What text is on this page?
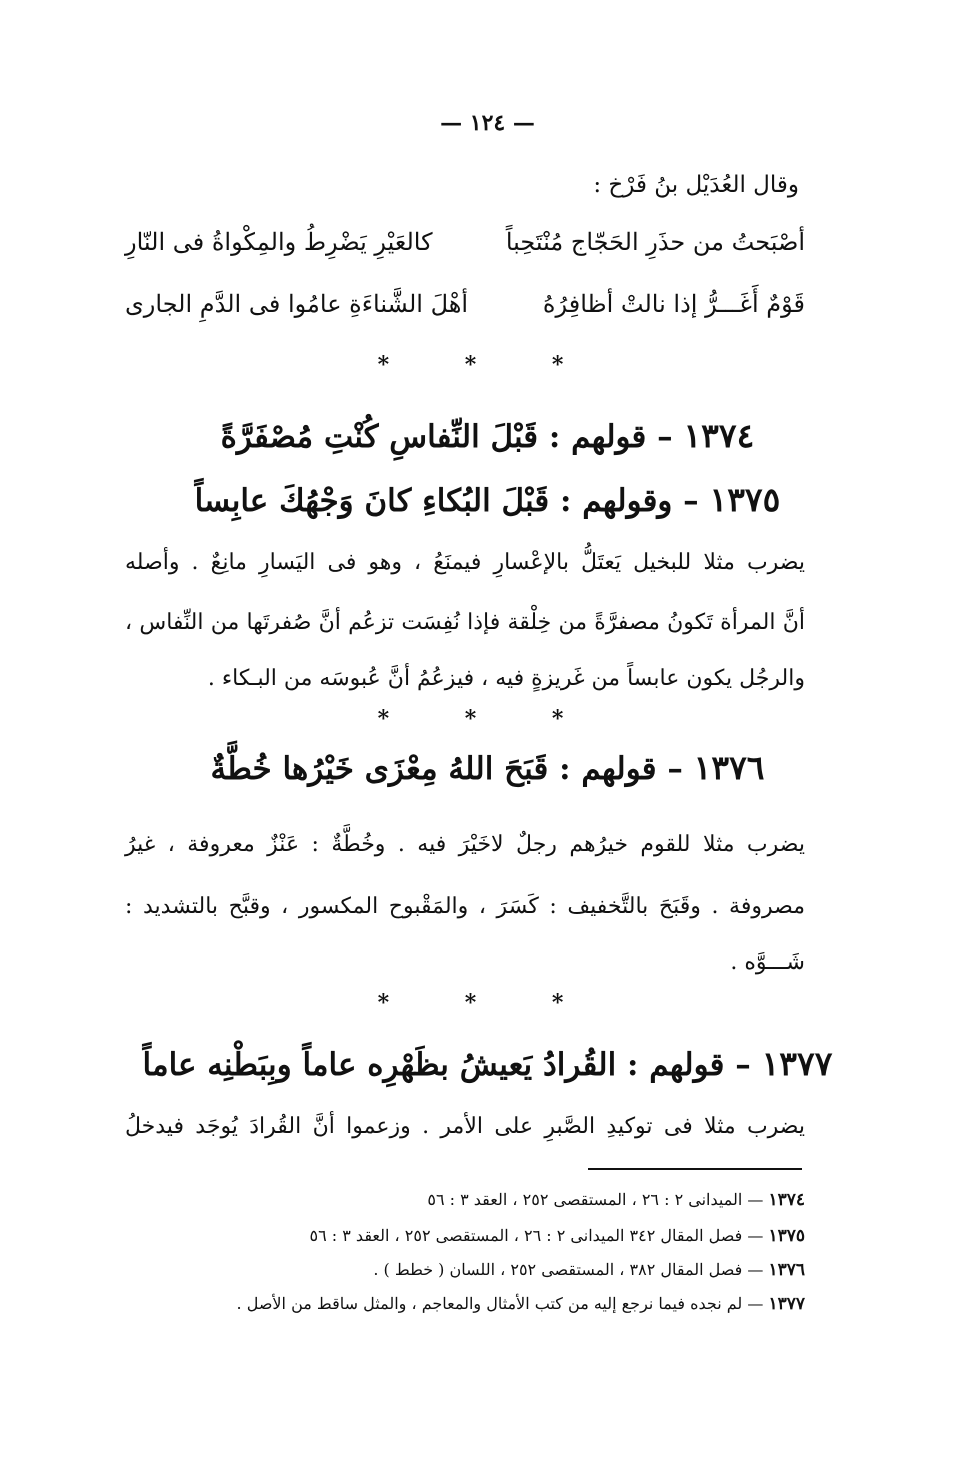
— ١٢٤ —
وقال العُدَيْل بنُ فَرْخ :
أصْبَحتُ من حذَرِ الحَجّاج مُنْتَحِباً
كالعَيْرِ يَضْرِطُ والمِكْواةُ فى النّارِ
قَوْمٌ أَغَـــرُّ إذا نالتْ أظافِرُهُ
أهْلَ الشَّناءَةِ عامُوا فى الدَّمِ الجارى
* * *
١٣٧٤ – قولهم : قَبْلَ النِّفاسِ كُنْتِ مُصْفَرَّةً
١٣٧٥ – وقولهم : قَبْلَ البُكاءِ كانَ وَجْهُكَ عابِساً
يضرب مثلا للبخيل يَعتَلُّ بالإعْسارِ فيمنَعُ ، وهو فى اليَسارِ مانِعٌ . وأصله
أنَّ المرأة تَكونُ مصفرَّةً من خِلْقة فإذا نُفِسَت تزعُم أنَّ صُفرتَها من النِّفاس ،
والرجُل يكون عابساً من غَريزةٍ فيه ، فيزعُمُ أنَّ عُبوسَه من البـكاء .
* * *
١٣٧٦ – قولهم : قَبَحَ اللهُ مِعْزَى خَيْرُها خُطَّةٌ
يضرب مثلا للقوم خيرُهم رجلٌ لاخَيْرَ فيه . وخُطَّةٌ : عَنْزٌ معروفة ، غيرُ
مصروفة . وقَبَحَ بالتَّخفيف : كَسَرَ ، والمَقْبوح المكسور ، وقبَّح بالتشديد :
شَـــوَّه .
* * *
١٣٧٧ – قولهم : القُرادُ يَعيشُ بظَهْرِه عاماً وبِبَطْنِه عاماً
يضرب مثلا فى توكيدِ الصَّبرِ على الأمر . وزعموا أنَّ القُرادَ يُوجَد فيدخلُ
١٣٧٤ — الميدانى ٢ : ٢٦ ، المستقصى ٢٥٢ ، العقد ٣ : ٥٦
١٣٧٥ — فصل المقال ٣٤٢ الميدانى ٢ : ٢٦ ، المستقصى ٢٥٢ ، العقد ٣ : ٥٦
١٣٧٦ — فصل المقال ٣٨٢ ، المستقصى ٢٥٢ ، اللسان ( خطط ) .
١٣٧٧ — لم نجده فيما نرجع إليه من كتب الأمثال والمعاجم ، والمثل ساقط من الأصل .
